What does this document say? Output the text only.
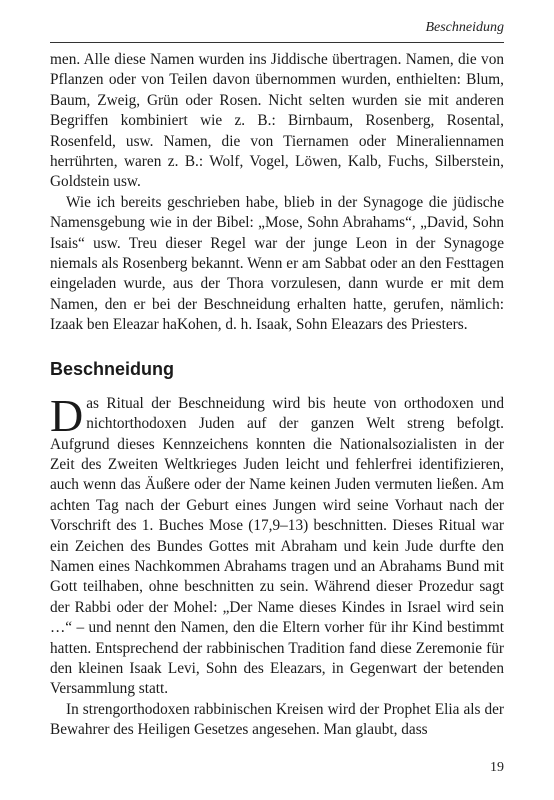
Beschneidung

men. Alle diese Namen wurden ins Jiddische übertragen. Namen, die von Pflanzen oder von Teilen davon übernommen wurden, enthielten: Blum, Baum, Zweig, Grün oder Rosen. Nicht selten wurden sie mit anderen Begriffen kombiniert wie z. B.: Birnbaum, Rosenberg, Rosental, Rosenfeld, usw. Namen, die von Tiernamen oder Mineraliennamen herrührten, waren z. B.: Wolf, Vogel, Löwen, Kalb, Fuchs, Silberstein, Goldstein usw.

Wie ich bereits geschrieben habe, blieb in der Synagoge die jüdische Namensgebung wie in der Bibel: „Mose, Sohn Abrahams“, „David, Sohn Isais“ usw. Treu dieser Regel war der junge Leon in der Synagoge niemals als Rosenberg bekannt. Wenn er am Sabbat oder an den Festtagen eingeladen wurde, aus der Thora vorzulesen, dann wurde er mit dem Namen, den er bei der Beschneidung erhalten hatte, gerufen, nämlich: Izaak ben Eleazar haKohen, d. h. Isaak, Sohn Eleazars des Priesters.

Beschneidung

Das Ritual der Beschneidung wird bis heute von orthodoxen und nichtorthodoxen Juden auf der ganzen Welt streng befolgt. Aufgrund dieses Kennzeichens konnten die Nationalsozialisten in der Zeit des Zweiten Weltkrieges Juden leicht und fehlerfrei identifizieren, auch wenn das Äußere oder der Name keinen Juden vermuten ließen. Am achten Tag nach der Geburt eines Jungen wird seine Vorhaut nach der Vorschrift des 1. Buches Mose (17,9–13) beschnitten. Dieses Ritual war ein Zeichen des Bundes Gottes mit Abraham und kein Jude durfte den Namen eines Nachkommen Abrahams tragen und an Abrahams Bund mit Gott teilhaben, ohne beschnitten zu sein. Während dieser Prozedur sagt der Rabbi oder der Mohel: „Der Name dieses Kindes in Israel wird sein …“ – und nennt den Namen, den die Eltern vorher für ihr Kind bestimmt hatten. Entsprechend der rabbinischen Tradition fand diese Zeremonie für den kleinen Isaak Levi, Sohn des Eleazars, in Gegenwart der betenden Versammlung statt.

In strengorthodoxen rabbinischen Kreisen wird der Prophet Elia als der Bewahrer des Heiligen Gesetzes angesehen. Man glaubt, dass

19
